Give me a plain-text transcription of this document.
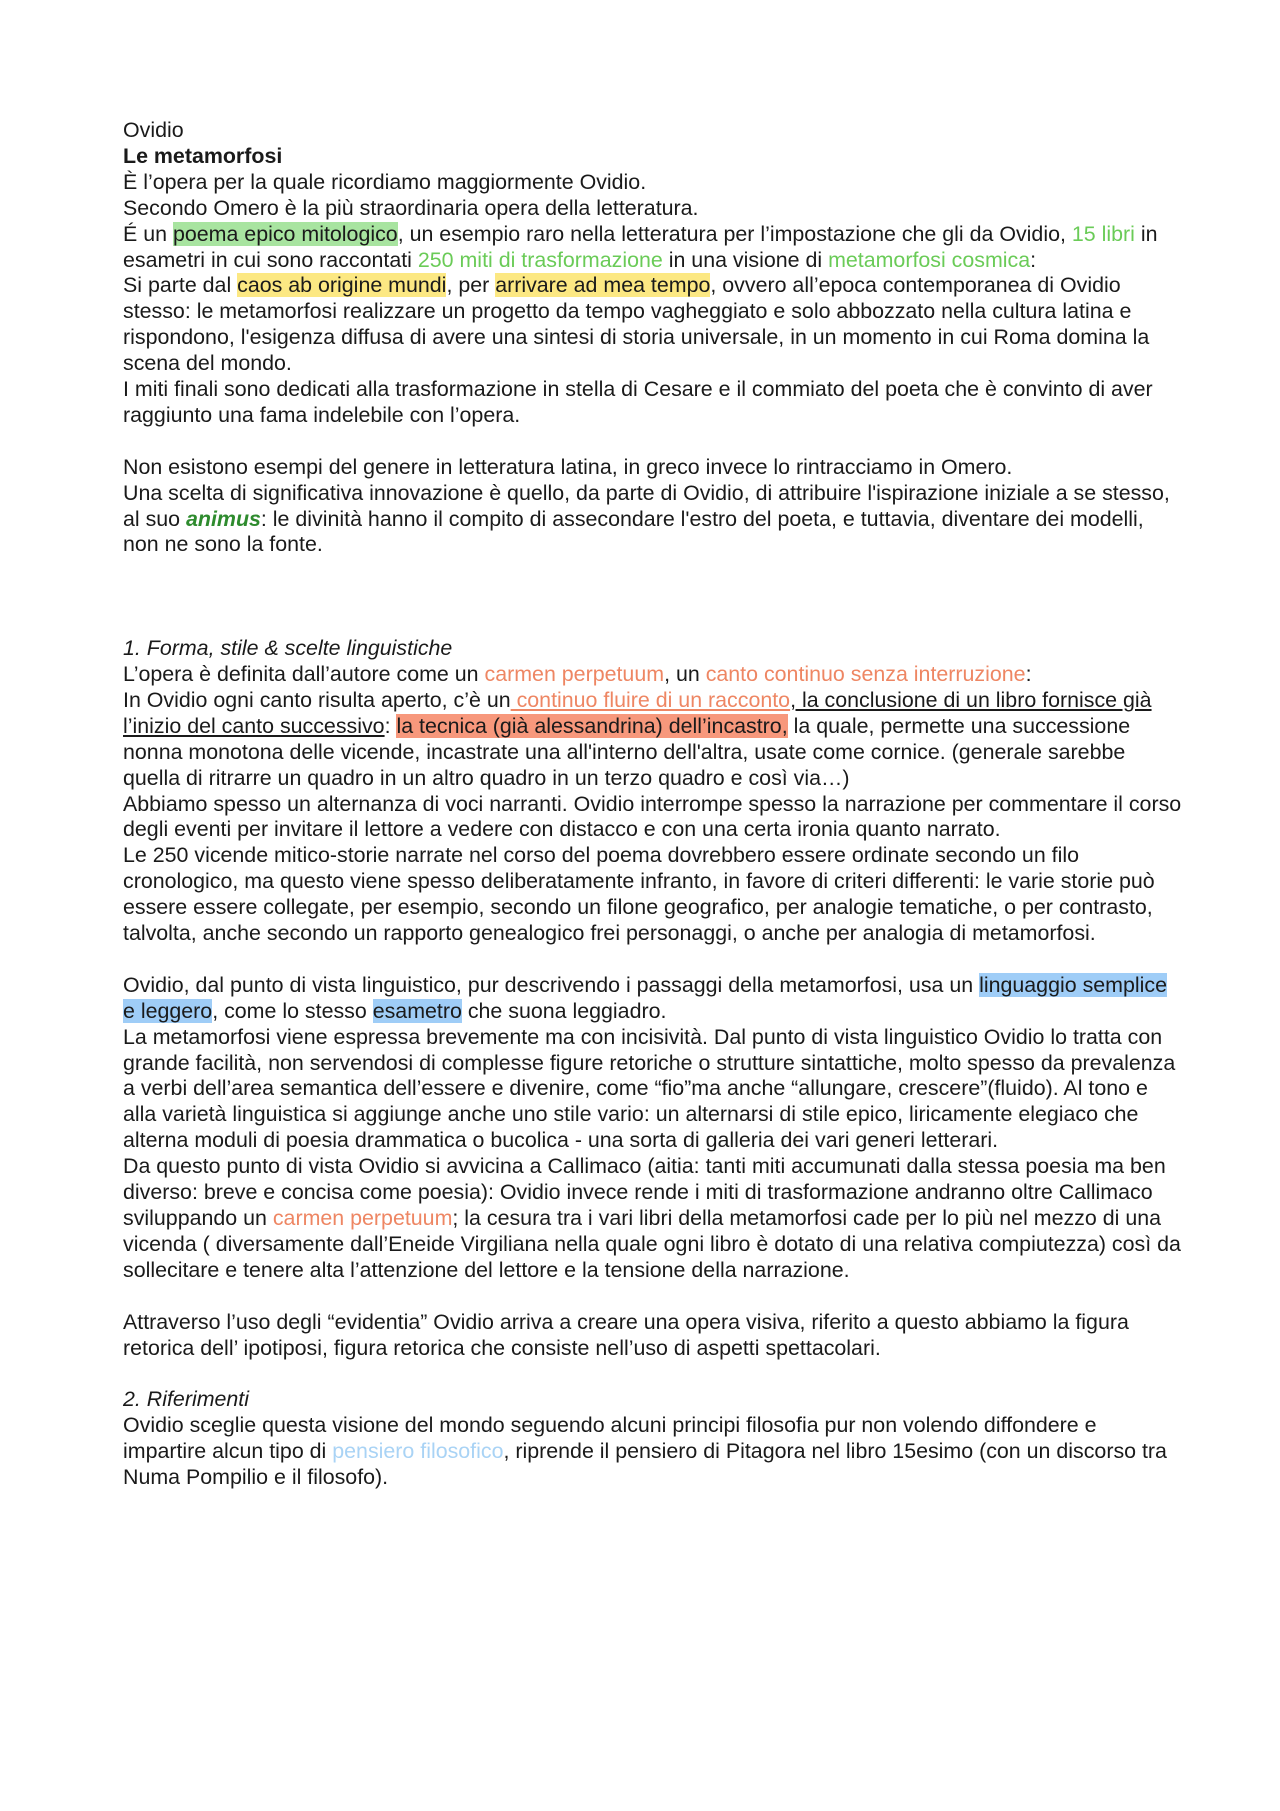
Ovidio

Le metamorfosi

È l’opera per la quale ricordiamo maggiormente Ovidio.

Secondo Omero è la più straordinaria opera della letteratura.

É un poema epico mitologico, un esempio raro nella letteratura per l’impostazione che gli da Ovidio, 15 libri in esametri in cui sono raccontati 250 miti di trasformazione in una visione di metamorfosi cosmica:

Si parte dal caos ab origine mundi, per arrivare ad mea tempo, ovvero all’epoca contemporanea di Ovidio stesso: le metamorfosi realizzare un progetto da tempo vagheggiato e solo abbozzato nella cultura latina e rispondono, l'esigenza diffusa di avere una sintesi di storia universale, in un momento in cui Roma domina la scena del mondo.

I miti finali sono dedicati alla trasformazione in stella di Cesare e il commiato del poeta che è convinto di aver raggiunto una fama indelebile con l’opera.

Non esistono esempi del genere in letteratura latina, in greco invece lo rintracciamo in Omero.

Una scelta di significativa innovazione è quello, da parte di Ovidio, di attribuire l'ispirazione iniziale a se stesso, al suo animus: le divinità hanno il compito di assecondare l'estro del poeta, e tuttavia, diventare dei modelli, non ne sono la fonte.

1. Forma, stile & scelte linguistiche

L’opera è definita dall’autore come un carmen perpetuum, un canto continuo senza interruzione:

In Ovidio ogni canto risulta aperto, c’è un continuo fluire di un racconto, la conclusione di un libro fornisce già l’inizio del canto successivo: la tecnica (già alessandrina) dell’incastro, la quale, permette una successione nonna monotona delle vicende, incastrate una all'interno dell'altra, usate come cornice. (generale sarebbe quella di ritrarre un quadro in un altro quadro in un terzo quadro e così via…)

Abbiamo spesso un alternanza di voci narranti. Ovidio interrompe spesso la narrazione per commentare il corso degli eventi per invitare il lettore a vedere con distacco e con una certa ironia quanto narrato.

Le 250 vicende mitico-storie narrate nel corso del poema dovrebbero essere ordinate secondo un filo cronologico, ma questo viene spesso deliberatamente infranto, in favore di criteri differenti: le varie storie può essere essere collegate, per esempio, secondo un filone geografico, per analogie tematiche, o per contrasto, talvolta, anche secondo un rapporto genealogico frei personaggi, o anche per analogia di metamorfosi.

Ovidio, dal punto di vista linguistico, pur descrivendo i passaggi della metamorfosi, usa un linguaggio semplice e leggero, come lo stesso esametro che suona leggiadro.

La metamorfosi viene espressa brevemente ma con incisività. Dal punto di vista linguistico Ovidio lo tratta con grande facilità, non servendosi di complesse figure retoriche o strutture sintattiche, molto spesso da prevalenza a verbi dell’area semantica dell’essere e divenire, come “fio”ma anche “allungare, crescere”(fluido). Al tono e alla varietà linguistica si aggiunge anche uno stile vario: un alternarsi di stile epico, liricamente elegiaco che alterna moduli di poesia drammatica o bucolica - una sorta di galleria dei vari generi letterari.

Da questo punto di vista Ovidio si avvicina a Callimaco (aitia: tanti miti accumunati dalla stessa poesia ma ben diverso: breve e concisa come poesia): Ovidio invece rende i miti di trasformazione andranno oltre Callimaco sviluppando un carmen perpetuum; la cesura tra i vari libri della metamorfosi cade per lo più nel mezzo di una vicenda ( diversamente dall’Eneide Virgiliana nella quale ogni libro è dotato di una relativa compiutezza) così da sollecitare e tenere alta l’attenzione del lettore e la tensione della narrazione.

Attraverso l’uso degli “evidentia” Ovidio arriva a creare una opera visiva, riferito a questo abbiamo la figura retorica dell’ ipotiposi, figura retorica che consiste nell’uso di aspetti spettacolari.

2. Riferimenti

Ovidio sceglie questa visione del mondo seguendo alcuni principi filosofia pur non volendo diffondere e impartire alcun tipo di pensiero filosofico, riprende il pensiero di Pitagora nel libro 15esimo (con un discorso tra Numa Pompilio e il filosofo).
